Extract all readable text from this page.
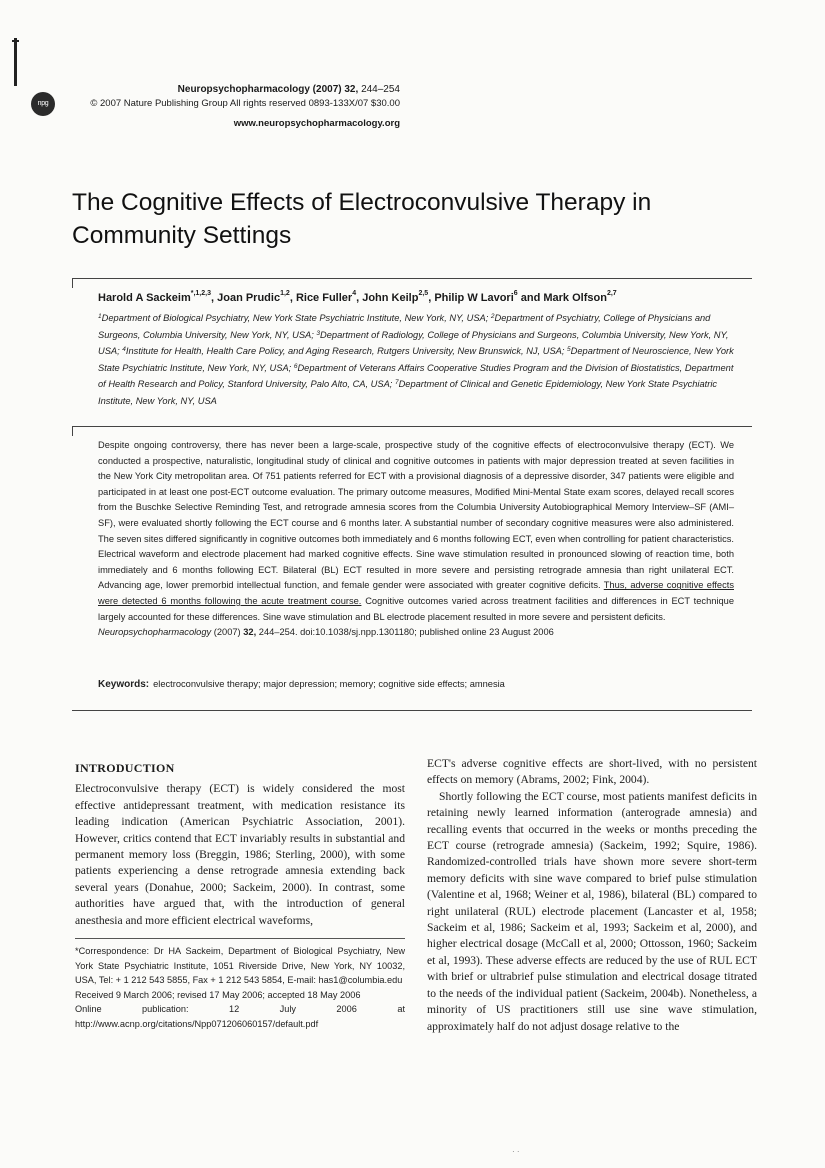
npg
Neuropsychopharmacology (2007) 32, 244–254
© 2007 Nature Publishing Group All rights reserved 0893-133X/07 $30.00
www.neuropsychopharmacology.org
The Cognitive Effects of Electroconvulsive Therapy in Community Settings
Harold A Sackeim$^{*,1,2,3}$, Joan Prudic$^{1,2}$, Rice Fuller$^4$, John Keilp$^{2,5}$, Philip W Lavori$^6$ and Mark Olfson$^{2,7}$
$^1$Department of Biological Psychiatry, New York State Psychiatric Institute, New York, NY, USA; $^2$Department of Psychiatry, College of Physicians and Surgeons, Columbia University, New York, NY, USA; $^3$Department of Radiology, College of Physicians and Surgeons, Columbia University, New York, NY, USA; $^4$Institute for Health, Health Care Policy, and Aging Research, Rutgers University, New Brunswick, NJ, USA; $^5$Department of Neuroscience, New York State Psychiatric Institute, New York, NY, USA; $^6$Department of Veterans Affairs Cooperative Studies Program and the Division of Biostatistics, Department of Health Research and Policy, Stanford University, Palo Alto, CA, USA; $^7$Department of Clinical and Genetic Epidemiology, New York State Psychiatric Institute, New York, NY, USA
Despite ongoing controversy, there has never been a large-scale, prospective study of the cognitive effects of electroconvulsive therapy (ECT). We conducted a prospective, naturalistic, longitudinal study of clinical and cognitive outcomes in patients with major depression treated at seven facilities in the New York City metropolitan area. Of 751 patients referred for ECT with a provisional diagnosis of a depressive disorder, 347 patients were eligible and participated in at least one post-ECT outcome evaluation. The primary outcome measures, Modified Mini-Mental State exam scores, delayed recall scores from the Buschke Selective Reminding Test, and retrograde amnesia scores from the Columbia University Autobiographical Memory Interview–SF (AMI–SF), were evaluated shortly following the ECT course and 6 months later. A substantial number of secondary cognitive measures were also administered. The seven sites differed significantly in cognitive outcomes both immediately and 6 months following ECT, even when controlling for patient characteristics. Electrical waveform and electrode placement had marked cognitive effects. Sine wave stimulation resulted in pronounced slowing of reaction time, both immediately and 6 months following ECT. Bilateral (BL) ECT resulted in more severe and persisting retrograde amnesia than right unilateral ECT. Advancing age, lower premorbid intellectual function, and female gender were associated with greater cognitive deficits. Thus, adverse cognitive effects were detected 6 months following the acute treatment course. Cognitive outcomes varied across treatment facilities and differences in ECT technique largely accounted for these differences. Sine wave stimulation and BL electrode placement resulted in more severe and persistent deficits.
Neuropsychopharmacology (2007) 32, 244–254. doi:10.1038/sj.npp.1301180; published online 23 August 2006
Keywords: electroconvulsive therapy; major depression; memory; cognitive side effects; amnesia
INTRODUCTION

Electroconvulsive therapy (ECT) is widely considered the most effective antidepressant treatment, with medication resistance its leading indication (American Psychiatric Association, 2001). However, critics contend that ECT invariably results in substantial and permanent memory loss (Breggin, 1986; Sterling, 2000), with some patients experiencing a dense retrograde amnesia extending back several years (Donahue, 2000; Sackeim, 2000). In contrast, some authorities have argued that, with the introduction of general anesthesia and more efficient electrical waveforms,

*Correspondence: Dr HA Sackeim, Department of Biological Psychiatry, New York State Psychiatric Institute, 1051 Riverside Drive, New York, NY 10032, USA, Tel: + 1 212 543 5855, Fax + 1 212 543 5854, E-mail: has1@columbia.edu

Received 9 March 2006; revised 17 May 2006; accepted 18 May 2006

Online publication: 12 July 2006 at http://www.acnp.org/citations/Npp071206060157/default.pdf

ECT's adverse cognitive effects are short-lived, with no persistent effects on memory (Abrams, 2002; Fink, 2004).

Shortly following the ECT course, most patients manifest deficits in retaining newly learned information (anterograde amnesia) and recalling events that occurred in the weeks or months preceding the ECT course (retrograde amnesia) (Sackeim, 1992; Squire, 1986). Randomized-controlled trials have shown more severe short-term memory deficits with sine wave compared to brief pulse stimulation (Valentine et al, 1968; Weiner et al, 1986), bilateral (BL) compared to right unilateral (RUL) electrode placement (Lancaster et al, 1958; Sackeim et al, 1986; Sackeim et al, 1993; Sackeim et al, 2000), and higher electrical dosage (McCall et al, 2000; Ottosson, 1960; Sackeim et al, 1993). These adverse effects are reduced by the use of RUL ECT with brief or ultrabrief pulse stimulation and electrical dosage titrated to the needs of the individual patient (Sackeim, 2004b). Nonetheless, a minority of US practitioners still use sine wave stimulation, approximately half do not adjust dosage relative to the

· ·
